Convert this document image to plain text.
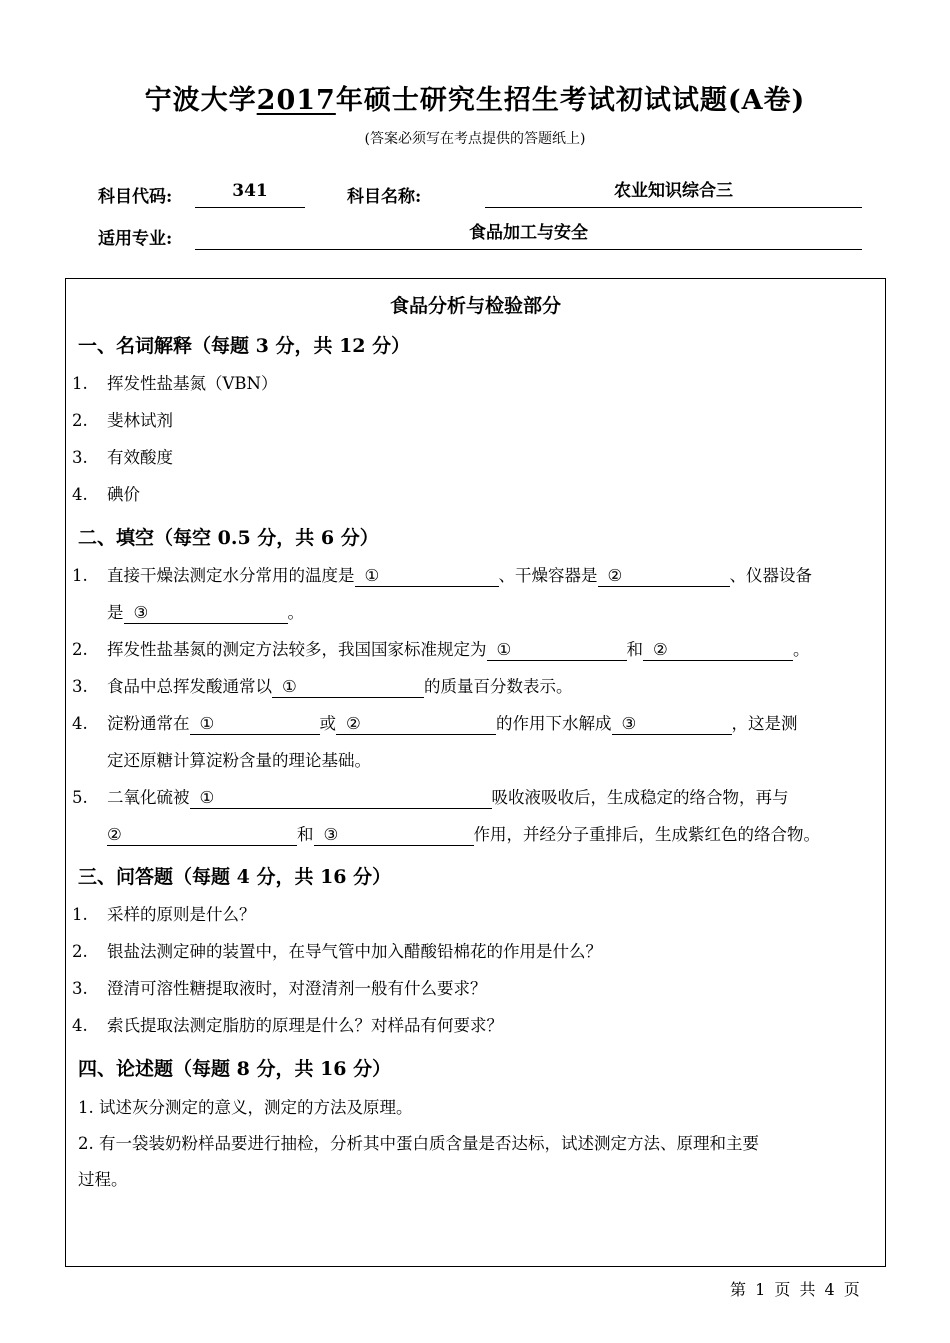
宁波大学2017年硕士研究生招生考试初试试题(A卷)
(答案必须写在考点提供的答题纸上)
科目代码:	341	科目名称:	农业知识综合三
适用专业:	食品加工与安全
食品分析与检验部分
一、名词解释（每题 3 分，共 12 分）
1.	挥发性盐基氮（VBN）
2.	斐林试剂
3.	有效酸度
4.	碘价
二、填空（每空 0.5 分，共 6 分）
1.	直接干燥法测定水分常用的温度是 ①	、干燥容器是 ②	、仪器设备
是 ③	。
2.	挥发性盐基氮的测定方法较多，我国国家标准规定为 ①	和 ②	。
3.	食品中总挥发酸通常以 ①	的质量百分数表示。
4.	淀粉通常在 ①	或 ②	的作用下水解成 ③	，这是测
定还原糖计算淀粉含量的理论基础。
5.	二氧化硫被 ①	吸收液吸收后，生成稳定的络合物，再与
②	和 ③	作用，并经分子重排后，生成紫红色的络合物。
三、问答题（每题 4 分，共 16 分）
1.	采样的原则是什么？
2.	银盐法测定砷的装置中，在导气管中加入醋酸铅棉花的作用是什么？
3.	澄清可溶性糖提取液时，对澄清剂一般有什么要求？
4.	索氏提取法测定脂肪的原理是什么？对样品有何要求？
四、论述题（每题 8 分，共 16 分）
1. 试述灰分测定的意义，测定的方法及原理。
2. 有一袋装奶粉样品要进行抽检，分析其中蛋白质含量是否达标，试述测定方法、原理和主要
过程。
第 1 页 共 4 页
